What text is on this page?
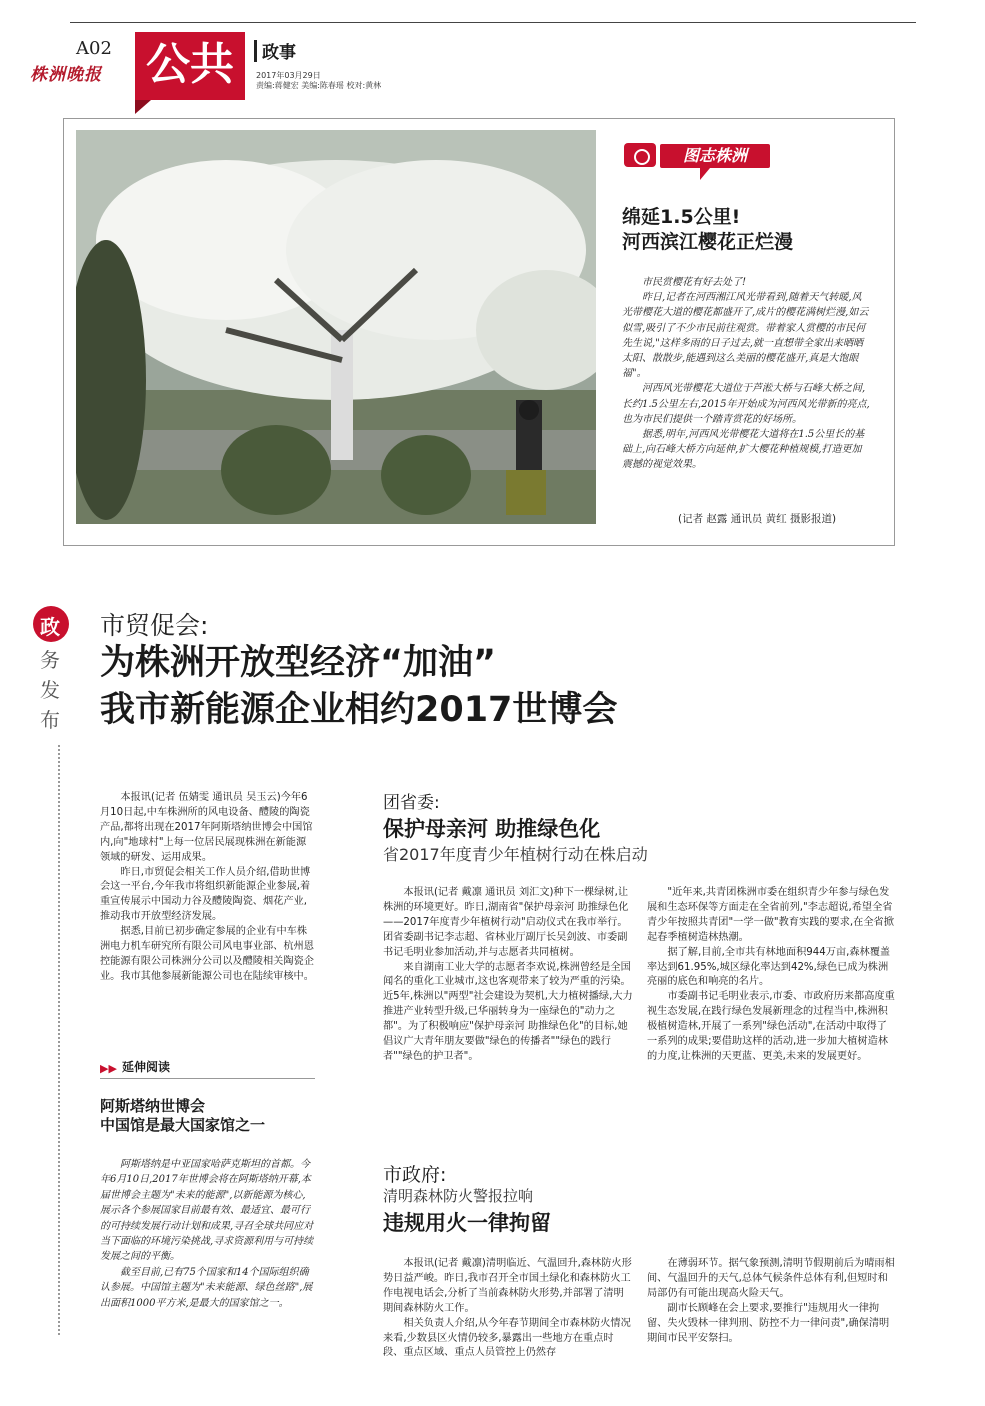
A02
株洲晚报 公共	政事
2017年03月29日
责编:蒋健宏 美编:陈春瑶 校对:黄林
图志株洲
绵延1.5公里!
河西滨江樱花正烂漫

市民赏樱花有好去处了!

昨日,记者在河西湘江风光带看到,随着天气转暖,风光带樱花大道的樱花都盛开了,成片的樱花满树烂漫,如云似雪,吸引了不少市民前往观赏。带着家人赏樱的市民何先生说,"这样多雨的日子过去,就一直想带全家出来晒晒太阳、散散步,能遇到这么美丽的樱花盛开,真是大饱眼福"。

河西风光带樱花大道位于芦淞大桥与石峰大桥之间,长约1.5公里左右,2015年开始成为河西风光带新的亮点,也为市民们提供一个踏青赏花的好场所。

据悉,明年,河西风光带樱花大道将在1.5公里长的基础上,向石峰大桥方向延伸,扩大樱花种植规模,打造更加震撼的视觉效果。

(记者 赵露 通讯员 黄红 摄影报道)
政
务发布
市贸促会:
为株洲开放型经济“加油”
我市新能源企业相约2017世博会

本报讯(记者 伍婧雯 通讯员 吴玉云)今年6月10日起,中车株洲所的风电设备、醴陵的陶瓷产品,都将出现在2017年阿斯塔纳世博会中国馆内,向"地球村"上每一位居民展现株洲在新能源领域的研发、运用成果。

昨日,市贸促会相关工作人员介绍,借助世博会这一平台,今年我市将组织新能源企业参展,着重宣传展示中国动力谷及醴陵陶瓷、烟花产业,推动我市开放型经济发展。

据悉,目前已初步确定参展的企业有中车株洲电力机车研究所有限公司风电事业部、杭州恩控能源有限公司株洲分公司以及醴陵相关陶瓷企业。我市其他参展新能源公司也在陆续审核中。

▶▶ 延伸阅读
阿斯塔纳世博会
中国馆是最大国家馆之一

阿斯塔纳是中亚国家哈萨克斯坦的首都。今年6月10日,2017年世博会将在阿斯塔纳开幕,本届世博会主题为"未来的能源",以新能源为核心,展示各个参展国家目前最有效、最适宜、最可行的可持续发展行动计划和成果,寻召全球共同应对当下面临的环境污染挑战,寻求资源利用与可持续发展之间的平衡。

截至目前,已有75个国家和14个国际组织确认参展。中国馆主题为"未来能源、绿色丝路",展出面积1000平方米,是最大的国家馆之一。

团省委:
保护母亲河 助推绿色化
省2017年度青少年植树行动在株启动

本报讯(记者 戴凛 通讯员 刘汇文)种下一棵绿树,让株洲的环境更好。昨日,湖南省"保护母亲河 助推绿色化——2017年度青少年植树行动"启动仪式在我市举行。团省委副书记李志超、省林业厅副厅长吴剑波、市委副书记毛明业参加活动,并与志愿者共同植树。

来自湖南工业大学的志愿者李欢说,株洲曾经是全国闻名的重化工业城市,这也客观带来了较为严重的污染。近5年,株洲以"两型"社会建设为契机,大力植树播绿,大力推进产业转型升级,已华丽转身为一座绿色的"动力之都"。为了积极响应"保护母亲河 助推绿色化"的目标,她倡议广大青年朋友要做"绿色的传播者""绿色的践行者""绿色的护卫者"。

"近年来,共青团株洲市委在组织青少年参与绿色发展和生态环保等方面走在全省前列,"李志超说,希望全省青少年按照共青团"一学一做"教育实践的要求,在全省掀起春季植树造林热潮。

据了解,目前,全市共有林地面积944万亩,森林覆盖率达到61.95%,城区绿化率达到42%,绿色已成为株洲亮丽的底色和响亮的名片。

市委副书记毛明业表示,市委、市政府历来都高度重视生态发展,在践行绿色发展新理念的过程当中,株洲积极植树造林,开展了一系列"绿色活动",在活动中取得了一系列的成果;要借助这样的活动,进一步加大植树造林的力度,让株洲的天更蓝、更美,未来的发展更好。

市政府:
清明森林防火警报拉响
违规用火一律拘留

本报讯(记者 戴凛)清明临近、气温回升,森林防火形势日益严峻。昨日,我市召开全市国土绿化和森林防火工作电视电话会,分析了当前森林防火形势,并部署了清明期间森林防火工作。

相关负责人介绍,从今年春节期间全市森林防火情况来看,少数县区火情仍较多,暴露出一些地方在重点时段、重点区域、重点人员管控上仍然存

在薄弱环节。据气象预测,清明节假期前后为晴雨相间、气温回升的天气,总体气候条件总体有利,但短时和局部仍有可能出现高火险天气。

副市长顾峰在会上要求,要推行"违规用火一律拘留、失火毁林一律判刑、防控不力一律问责",确保清明期间市民平安祭扫。
